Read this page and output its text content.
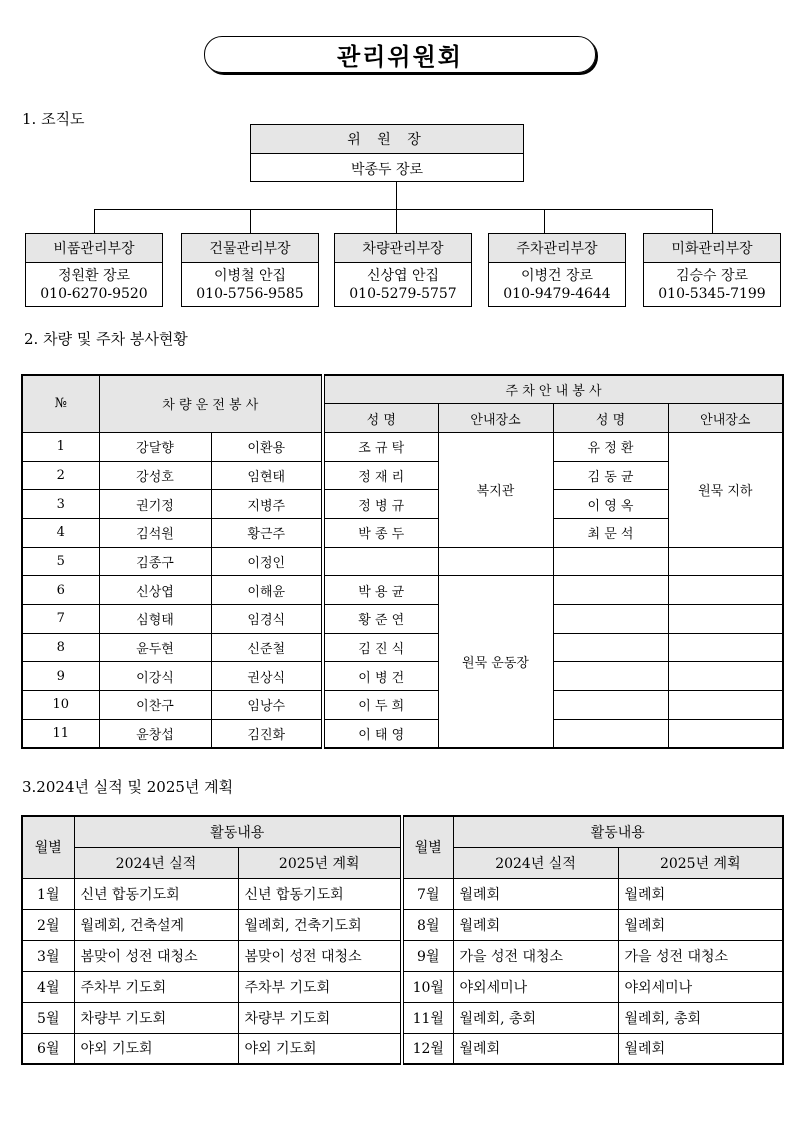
관리위원회
1. 조직도
위 원 장
박종두 장로
비품관리부장
정원환 장로
010-6270-9520
건물관리부장
이병철 안집
010-5756-9585
차량관리부장
신상엽 안집
010-5279-5757
주차관리부장
이병건 장로
010-9479-4644
미화관리부장
김승수 장로
010-5345-7199
2. 차량 및 주차 봉사현황
№	차 량 운 전 봉 사		주 차 안 내 봉 사			
			성 명	안내장소	성 명	안내장소
1	강달향	이환용	조 규 탁	복지관	유 정 환	원묵 지하
2	강성호	임현태	정 재 리		김 동 균	
3	권기정	지병주	정 병 규		이 영 옥	
4	김석원	황근주	박 종 두		최 문 석	
5	김종구	이정인				
6	신상엽	이해윤	박 용 균	원묵 운동장		
7	심형태	임경식	황 준 연			
8	윤두현	신준철	김 진 식			
9	이강식	권상식	이 병 건			
10	이찬구	임낭수	이 두 희			
11	윤창섭	김진화	이 태 영			
3.2024년 실적 및 2025년 계획
월별	활동내용		월별	활동내용	
	2024년 실적	2025년 계획		2024년 실적	2025년 계획
1월	신년 합동기도회	신년 합동기도회	7월	월례회	월례회
2월	월례회, 건축설계	월례회, 건축기도회	8월	월례회	월례회
3월	봄맞이 성전 대청소	봄맞이 성전 대청소	9월	가을 성전 대청소	가을 성전 대청소
4월	주차부 기도회	주차부 기도회	10월	야외세미나	야외세미나
5월	차량부 기도회	차량부 기도회	11월	월례회, 총회	월례회, 총회
6월	야외 기도회	야외 기도회	12월	월례회	월례회
